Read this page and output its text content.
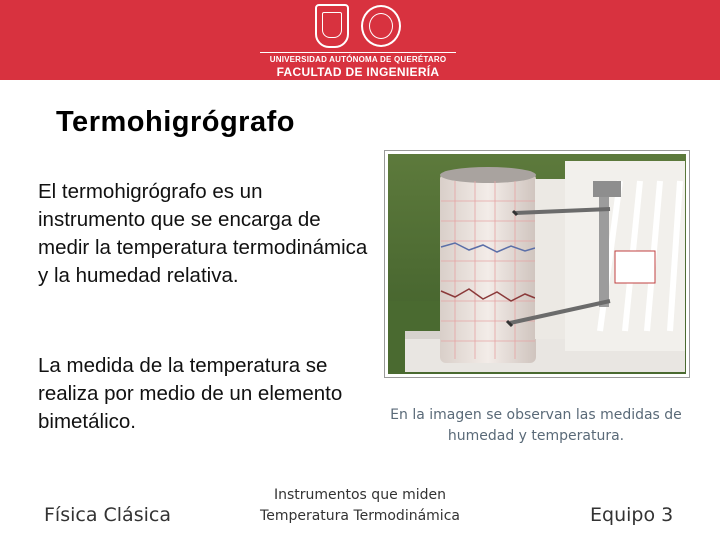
UNIVERSIDAD AUTÓNOMA DE QUERÉTARO
FACULTAD DE INGENIERÍA
Termohigrógrafo
El termohigrógrafo es un instrumento que se encarga de medir la temperatura termodinámica y la humedad relativa.
La medida de la temperatura se realiza por medio de un elemento bimetálico.	En la imagen se observan las medidas de humedad y temperatura.
Física Clásica
Instrumentos que miden Temperatura Termodinámica	Equipo 3
